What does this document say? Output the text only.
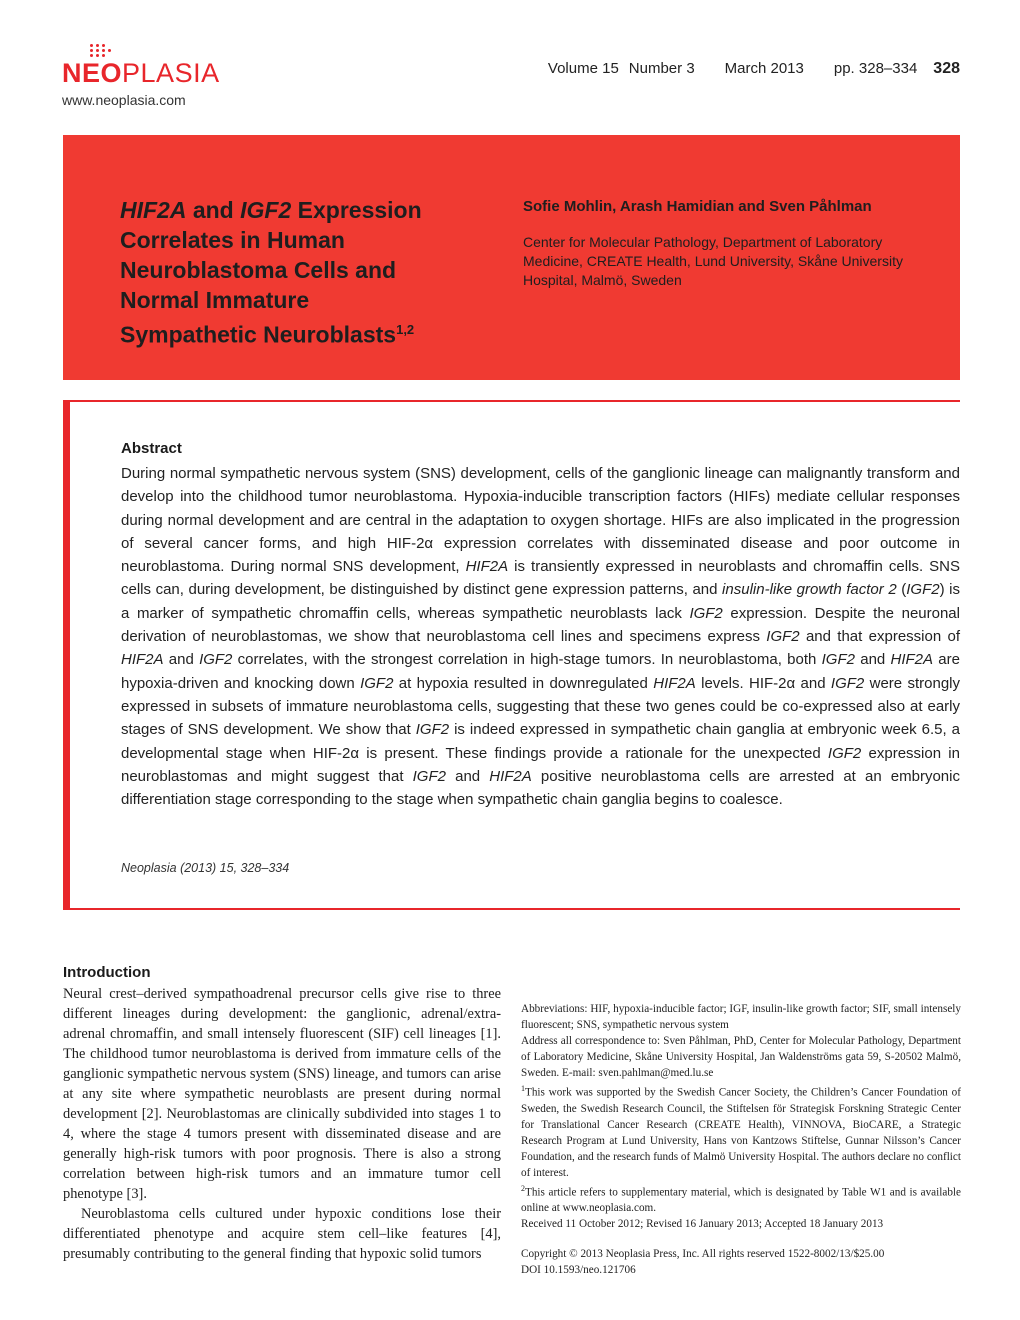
NEOPLASIA
www.neoplasia.com
Volume 15 Number 3 March 2013 pp. 328–334 328
HIF2A and IGF2 Expression Correlates in Human Neuroblastoma Cells and Normal Immature Sympathetic Neuroblasts$^{1,2}$
Sofie Mohlin, Arash Hamidian and Sven Påhlman
Center for Molecular Pathology, Department of Laboratory Medicine, CREATE Health, Lund University, Skåne University Hospital, Malmö, Sweden
Abstract
During normal sympathetic nervous system (SNS) development, cells of the ganglionic lineage can malignantly transform and develop into the childhood tumor neuroblastoma. Hypoxia-inducible transcription factors (HIFs) mediate cellular responses during normal development and are central in the adaptation to oxygen shortage. HIFs are also implicated in the progression of several cancer forms, and high HIF-2α expression correlates with disseminated disease and poor outcome in neuroblastoma. During normal SNS development, HIF2A is transiently expressed in neuroblasts and chromaffin cells. SNS cells can, during development, be distinguished by distinct gene expression patterns, and insulin-like growth factor 2 (IGF2) is a marker of sympathetic chromaffin cells, whereas sympathetic neuroblasts lack IGF2 expression. Despite the neuronal derivation of neuroblastomas, we show that neuroblastoma cell lines and specimens express IGF2 and that expression of HIF2A and IGF2 correlates, with the strongest correlation in high-stage tumors. In neuroblastoma, both IGF2 and HIF2A are hypoxia-driven and knocking down IGF2 at hypoxia resulted in downregulated HIF2A levels. HIF-2α and IGF2 were strongly expressed in subsets of immature neuroblastoma cells, suggesting that these two genes could be co-expressed also at early stages of SNS development. We show that IGF2 is indeed expressed in sympathetic chain ganglia at embryonic week 6.5, a developmental stage when HIF-2α is present. These findings provide a rationale for the unexpected IGF2 expression in neuroblastomas and might suggest that IGF2 and HIF2A positive neuroblastoma cells are arrested at an embryonic differentiation stage corresponding to the stage when sympathetic chain ganglia begins to coalesce.
Neoplasia (2013) 15, 328–334
Introduction

Neural crest–derived sympathoadrenal precursor cells give rise to three different lineages during development: the ganglionic, adrenal/extra-adrenal chromaffin, and small intensely fluorescent (SIF) cell lineages [1]. The childhood tumor neuroblastoma is derived from immature cells of the ganglionic sympathetic nervous system (SNS) lineage, and tumors can arise at any site where sympathetic neuroblasts are present during normal development [2]. Neuroblastomas are clinically subdivided into stages 1 to 4, where the stage 4 tumors present with disseminated disease and are generally high-risk tumors with poor prognosis. There is also a strong correlation between high-risk tumors and an immature tumor cell phenotype [3].

Neuroblastoma cells cultured under hypoxic conditions lose their differentiated phenotype and acquire stem cell–like features [4], presumably contributing to the general finding that hypoxic solid tumors

Abbreviations: HIF, hypoxia-inducible factor; IGF, insulin-like growth factor; SIF, small intensely fluorescent; SNS, sympathetic nervous system

Address all correspondence to: Sven Påhlman, PhD, Center for Molecular Pathology, Department of Laboratory Medicine, Skåne University Hospital, Jan Waldenströms gata 59, S-20502 Malmö, Sweden. E-mail: sven.pahlman@med.lu.se

$^1$This work was supported by the Swedish Cancer Society, the Children’s Cancer Foundation of Sweden, the Swedish Research Council, the Stiftelsen för Strategisk Forskning Strategic Center for Translational Cancer Research (CREATE Health), VINNOVA, BioCARE, a Strategic Research Program at Lund University, Hans von Kantzows Stiftelse, Gunnar Nilsson’s Cancer Foundation, and the research funds of Malmö University Hospital. The authors declare no conflict of interest.

$^2$This article refers to supplementary material, which is designated by Table W1 and is available online at www.neoplasia.com.

Received 11 October 2012; Revised 16 January 2013; Accepted 18 January 2013

Copyright © 2013 Neoplasia Press, Inc. All rights reserved 1522-8002/13/$25.00

DOI 10.1593/neo.121706
